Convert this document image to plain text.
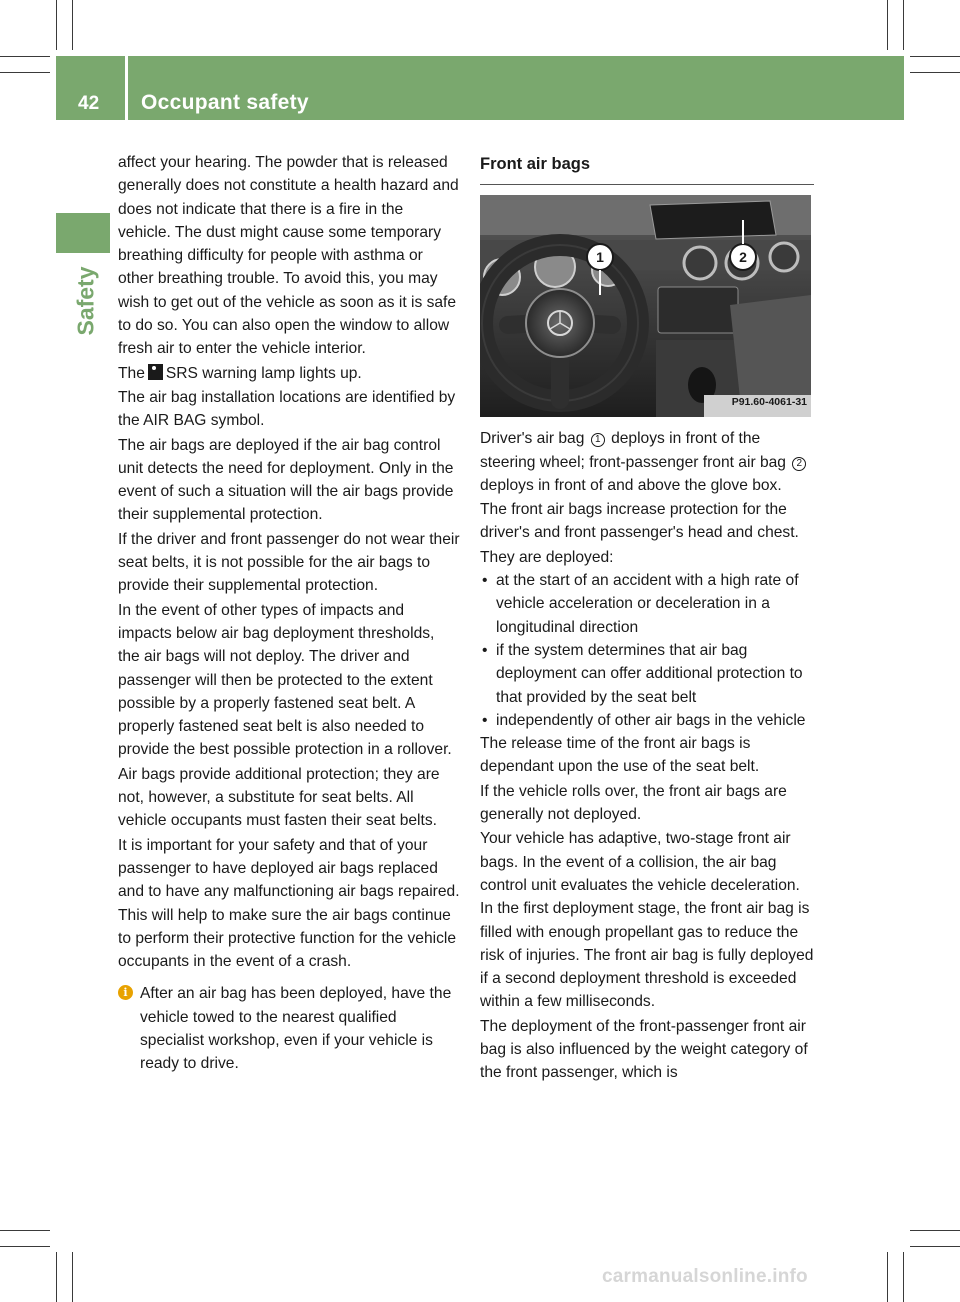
42 Occupant safety
Safety

affect your hearing. The powder that is released generally does not constitute a health hazard and does not indicate that there is a fire in the vehicle. The dust might cause some temporary breathing difficulty for people with asthma or other breathing trouble. To avoid this, you may wish to get out of the vehicle as soon as it is safe to do so. You can also open the window to allow fresh air to enter the vehicle interior.

The SRS warning lamp lights up.

The air bag installation locations are identified by the AIR BAG symbol.

The air bags are deployed if the air bag control unit detects the need for deployment. Only in the event of such a situation will the air bags provide their supplemental protection.

If the driver and front passenger do not wear their seat belts, it is not possible for the air bags to provide their supplemental protection.

In the event of other types of impacts and impacts below air bag deployment thresholds, the air bags will not deploy. The driver and passenger will then be protected to the extent possible by a properly fastened seat belt. A properly fastened seat belt is also needed to provide the best possible protection in a rollover.

Air bags provide additional protection; they are not, however, a substitute for seat belts. All vehicle occupants must fasten their seat belts.

It is important for your safety and that of your passenger to have deployed air bags replaced and to have any malfunctioning air bags repaired. This will help to make sure the air bags continue to perform their protective function for the vehicle occupants in the event of a crash.

i After an air bag has been deployed, have the vehicle towed to the nearest qualified specialist workshop, even if your vehicle is ready to drive.
Front air bags
1	2
P91.60-4061-31

Driver's air bag 1 deploys in front of the steering wheel; front-passenger front air bag 2 deploys in front of and above the glove box.

The front air bags increase protection for the driver's and front passenger's head and chest.

They are deployed:

• at the start of an accident with a high rate of vehicle acceleration or deceleration in a longitudinal direction
• if the system determines that air bag deployment can offer additional protection to that provided by the seat belt
• independently of other air bags in the vehicle

The release time of the front air bags is dependant upon the use of the seat belt.

If the vehicle rolls over, the front air bags are generally not deployed.

Your vehicle has adaptive, two-stage front air bags. In the event of a collision, the air bag control unit evaluates the vehicle deceleration. In the first deployment stage, the front air bag is filled with enough propellant gas to reduce the risk of injuries. The front air bag is fully deployed if a second deployment threshold is exceeded within a few milliseconds.

The deployment of the front-passenger front air bag is also influenced by the weight category of the front passenger, which is

carmanualsonline.info
